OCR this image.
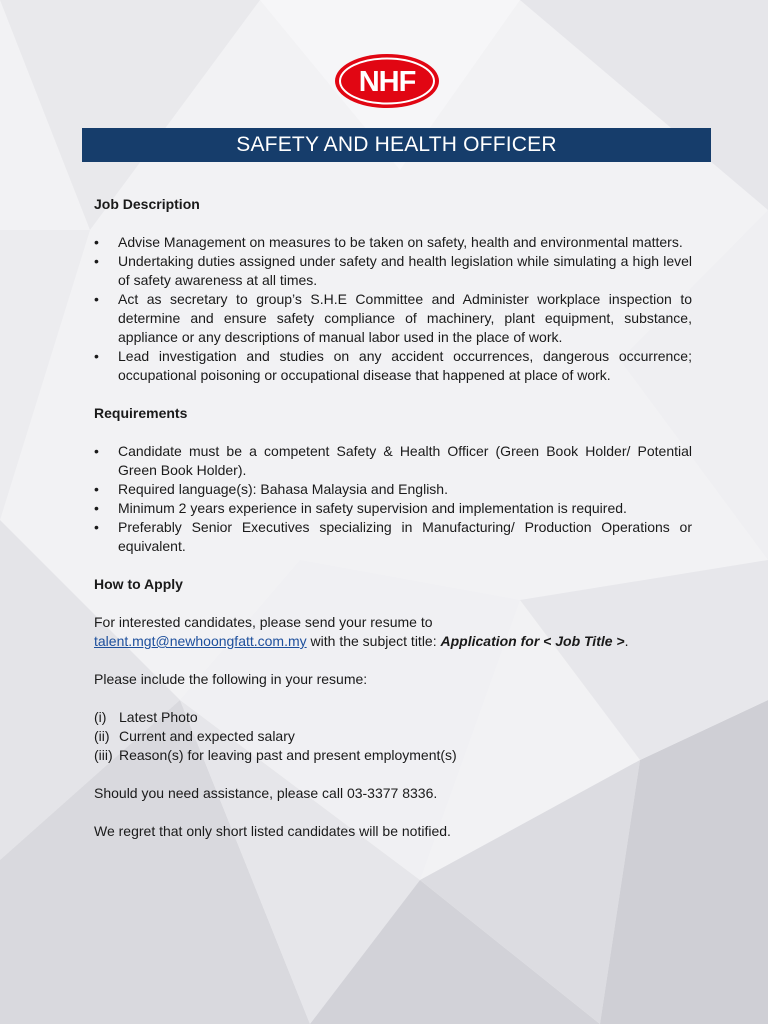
NHF
SAFETY AND HEALTH OFFICER

Job Description

• Advise Management on measures to be taken on safety, health and environmental matters.
• Undertaking duties assigned under safety and health legislation while simulating a high level of safety awareness at all times.
• Act as secretary to group’s S.H.E Committee and Administer workplace inspection to determine and ensure safety compliance of machinery, plant equipment, substance, appliance or any descriptions of manual labor used in the place of work.
• Lead investigation and studies on any accident occurrences, dangerous occurrence; occupational poisoning or occupational disease that happened at place of work.

Requirements

• Candidate must be a competent Safety & Health Officer (Green Book Holder/ Potential Green Book Holder).
• Required language(s): Bahasa Malaysia and English.
• Minimum 2 years experience in safety supervision and implementation is required.
• Preferably Senior Executives specializing in Manufacturing/ Production Operations or equivalent.

How to Apply

For interested candidates, please send your resume to

talent.mgt@newhoongfatt.com.my with the subject title: Application for < Job Title >.

Please include the following in your resume:

(i) Latest Photo

(ii) Current and expected salary

(iii) Reason(s) for leaving past and present employment(s)

Should you need assistance, please call 03-3377 8336.

We regret that only short listed candidates will be notified.
